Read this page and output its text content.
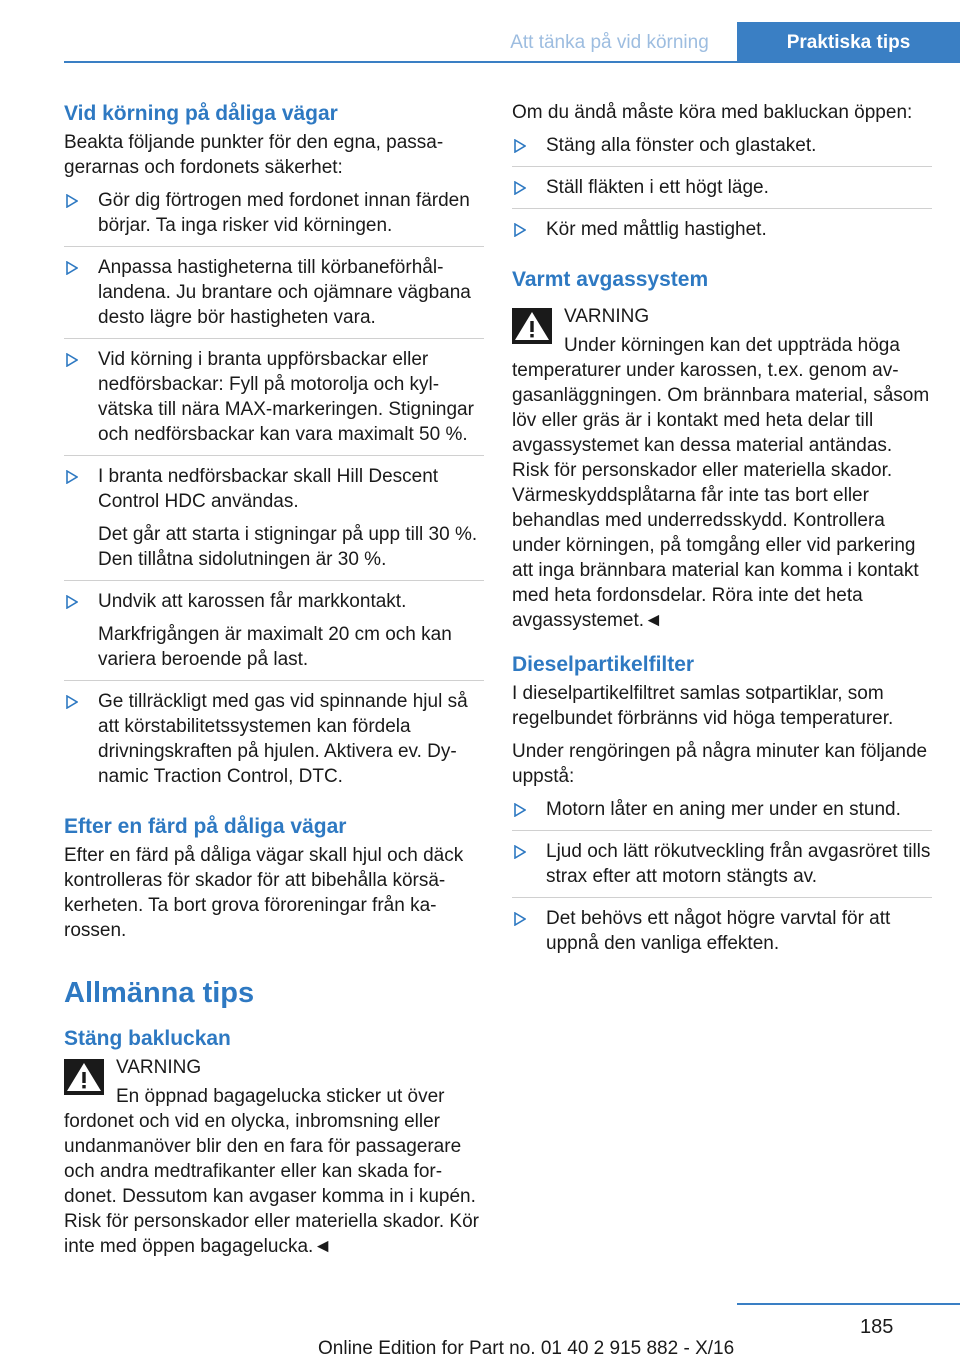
Att tänka på vid körning	Praktiska tips
Vid körning på dåliga vägar

Beakta följande punkter för den egna, passagerarnas och fordonets säkerhet:

Gör dig förtrogen med fordonet innan färden börjar. Ta inga risker vid körningen.

Anpassa hastigheterna till körbaneförhållandena. Ju brantare och ojämnare vägbana desto lägre bör hastigheten vara.

Vid körning i branta uppförsbackar eller nedförsbackar: Fyll på motorolja och kylvätska till nära MAX-markeringen. Stigningar och nedförsbackar kan vara maximalt 50 %.

I branta nedförsbackar skall Hill Descent Control HDC användas.

Det går att starta i stigningar på upp till 30 %. Den tillåtna sidolutningen är 30 %.

Undvik att karossen får markkontakt.

Markfrigången är maximalt 20 cm och kan variera beroende på last.

Ge tillräckligt med gas vid spinnande hjul så att körstabilitetssystemen kan fördela drivningskraften på hjulen. Aktivera ev. Dynamic Traction Control, DTC.

Efter en färd på dåliga vägar

Efter en färd på dåliga vägar skall hjul och däck kontrolleras för skador för att bibehålla körsäkerheten. Ta bort grova föroreningar från karossen.

Allmänna tips
Stäng bakluckan

VARNING

En öppnad bagagelucka sticker ut över

fordonet och vid en olycka, inbromsning eller undanmanöver blir den en fara för passagerare och andra medtrafikanter eller kan skada fordonet. Dessutom kan avgaser komma in i kupén. Risk för personskador eller materiella skador. Kör inte med öppen bagagelucka.◄

Om du ändå måste köra med bakluckan öppen:

Stäng alla fönster och glastaket.

Ställ fläkten i ett högt läge.

Kör med måttlig hastighet.

Varmt avgassystem

VARNING

Under körningen kan det uppträda höga

temperaturer under karossen, t.ex. genom avgasanläggningen. Om brännbara material, såsom löv eller gräs är i kontakt med heta delar till avgassystemet kan dessa material antändas. Risk för personskador eller materiella skador. Värmeskyddsplåtarna får inte tas bort eller behandlas med underredsskydd. Kontrollera under körningen, på tomgång eller vid parkering att inga brännbara material kan komma i kontakt med heta fordonsdelar. Röra inte det heta avgassystemet.◄

Dieselpartikelfilter

I dieselpartikelfiltret samlas sotpartiklar, som regelbundet förbränns vid höga temperaturer.

Under rengöringen på några minuter kan följande uppstå:

Motorn låter en aning mer under en stund.

Ljud och lätt rökutveckling från avgasröret tills strax efter att motorn stängts av.

Det behövs ett något högre varvtal för att uppnå den vanliga effekten.

185
Online Edition for Part no. 01 40 2 915 882 - X/16
